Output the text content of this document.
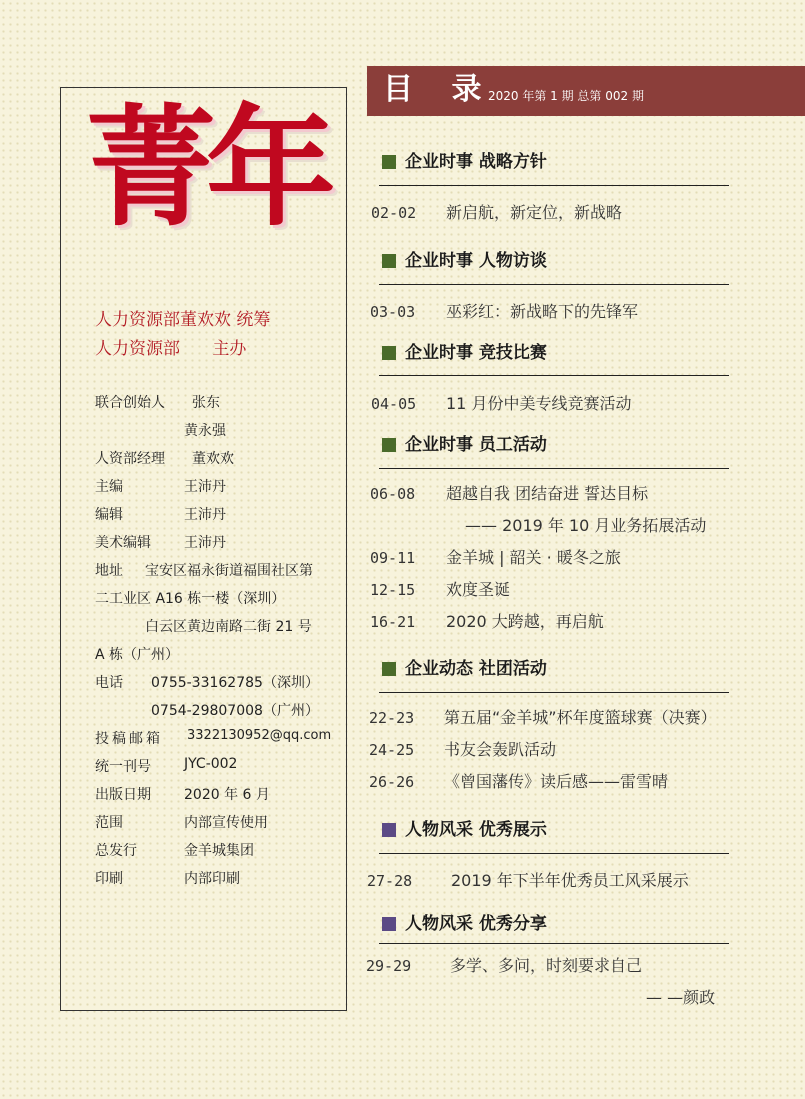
菁
年
人力资源部董欢欢 统筹
人力资源部      主办
联合创始人 张东
黄永强
人资部经理 董欢欢
主编	王沛丹
编辑	王沛丹
美术编辑 王沛丹
地址 宝安区福永街道福围社区第
二工业区 A16 栋一楼（深圳）
白云区黄边南路二街 21 号
A 栋（广州）
电话 0755-33162785（深圳）
0754-29807008（广州）
投稿邮箱 3322130952@qq.com
统一刊号 JYC-002
出版日期 2020 年 6 月
范围	内部宣传使用
总发行	金羊城集团
印刷	内部印刷
目 录
2020 年第 1 期 总第 002 期
企业时事 战略方针
02-02 新启航，新定位，新战略
企业时事 人物访谈
03-03 巫彩红：新战略下的先锋军
企业时事 竞技比赛
04-05 11 月份中美专线竞赛活动
企业时事 员工活动
06-08 超越自我 团结奋进 誓达目标
—— 2019 年 10 月业务拓展活动
09-11 金羊城 | 韶关 · 暖冬之旅
12-15 欢度圣诞
16-21 2020 大跨越，再启航
企业动态 社团活动
22-23 第五届“金羊城”杯年度篮球赛（决赛）
24-25 书友会轰趴活动
26-26 《曾国藩传》读后感——雷雪晴
人物风采 优秀展示
27-28 2019 年下半年优秀员工风采展示
人物风采 优秀分享
29-29 多学、多问，时刻要求自己
— —颜政
